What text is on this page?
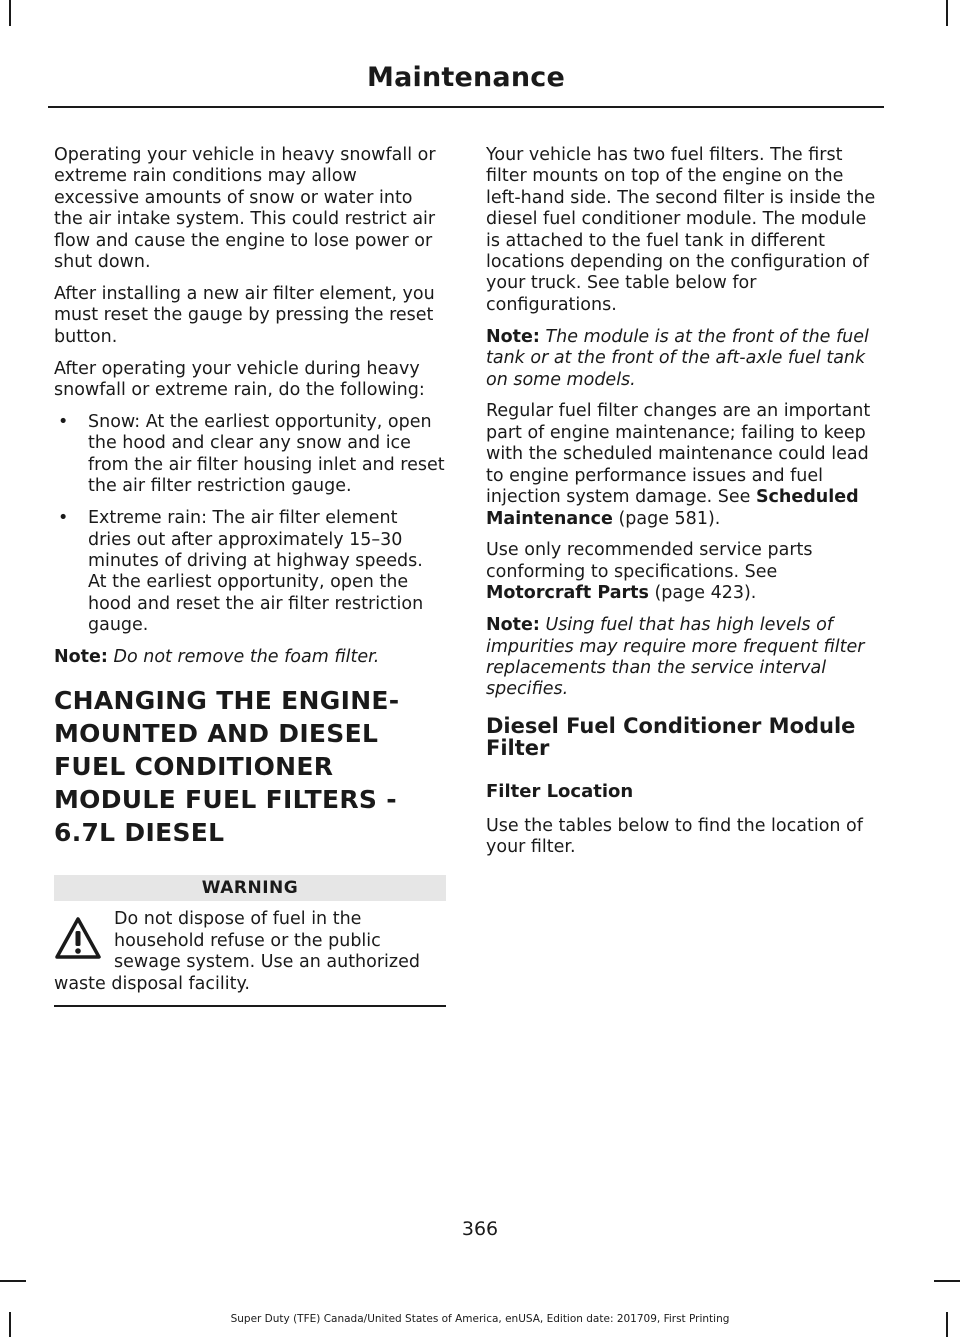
Maintenance

Operating your vehicle in heavy snowfall or extreme rain conditions may allow excessive amounts of snow or water into the air intake system. This could restrict air flow and cause the engine to lose power or shut down.

After installing a new air filter element, you must reset the gauge by pressing the reset button.

After operating your vehicle during heavy snowfall or extreme rain, do the following:

• Snow: At the earliest opportunity, open the hood and clear any snow and ice from the air filter housing inlet and reset the air filter restriction gauge.
• Extreme rain: The air filter element dries out after approximately 15–30 minutes of driving at highway speeds. At the earliest opportunity, open the hood and reset the air filter restriction gauge.

Note: Do not remove the foam filter.

CHANGING THE ENGINE-MOUNTED AND DIESEL FUEL CONDITIONER MODULE FUEL FILTERS - 6.7L DIESEL
WARNING
Do not dispose of fuel in the household refuse or the public sewage system. Use an authorized waste disposal facility.

Your vehicle has two fuel filters. The first filter mounts on top of the engine on the left-hand side. The second filter is inside the diesel fuel conditioner module. The module is attached to the fuel tank in different locations depending on the configuration of your truck. See table below for configurations.

Note: The module is at the front of the fuel tank or at the front of the aft-axle fuel tank on some models.

Regular fuel filter changes are an important part of engine maintenance; failing to keep with the scheduled maintenance could lead to engine performance issues and fuel injection system damage. See Scheduled Maintenance (page 581).

Use only recommended service parts conforming to specifications. See Motorcraft Parts (page 423).

Note: Using fuel that has high levels of impurities may require more frequent filter replacements than the service interval specifies.

Diesel Fuel Conditioner Module Filter
Filter Location

Use the tables below to find the location of your filter.

366
Super Duty (TFE) Canada/United States of America, enUSA, Edition date: 201709, First Printing
